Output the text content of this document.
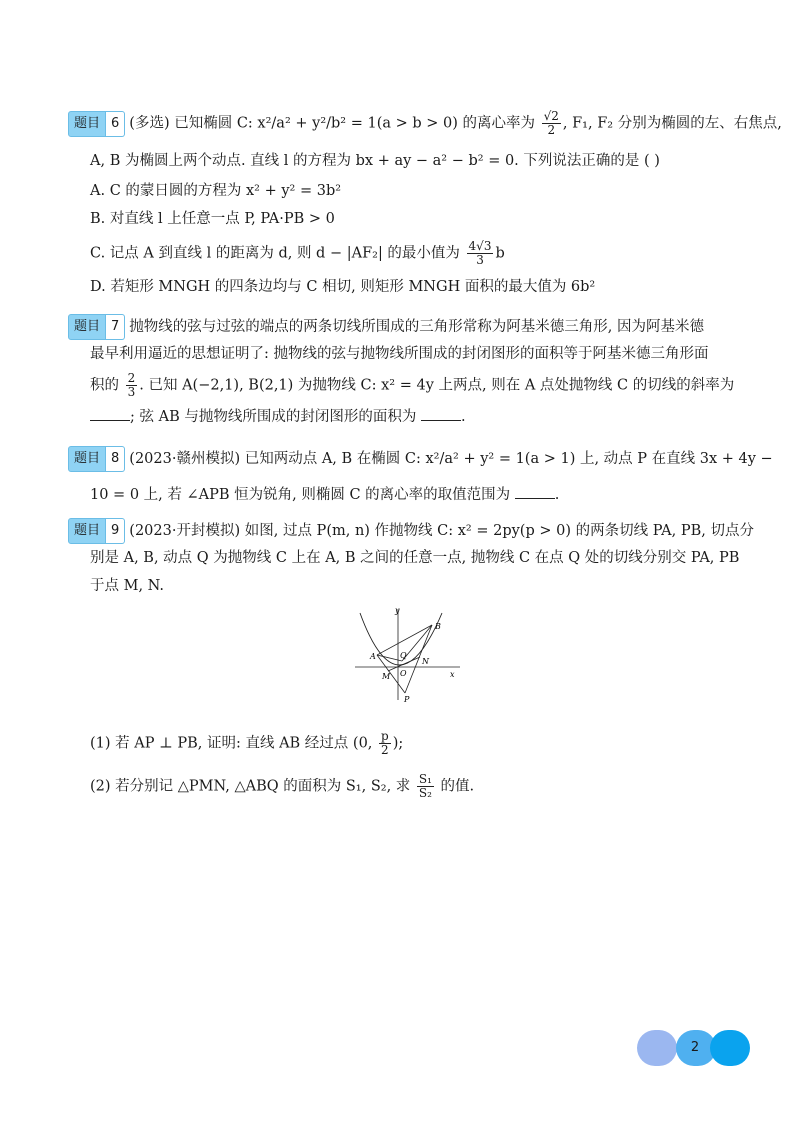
题目 6 (多选) 已知椭圆 C: x²/a² + y²/b² = 1(a > b > 0) 的离心率为 $\frac{√2}{2}$ , F₁, F₂ 分别为椭圆的左、右焦点,
A, B 为椭圆上两个动点. 直线 l 的方程为 bx + ay − a² − b² = 0. 下列说法正确的是 ( )
A. C 的蒙日圆的方程为 x² + y² = 3b²
B. 对直线 l 上任意一点 P, PA·PB > 0
C. 记点 A 到直线 l 的距离为 d, 则 d − |AF₂| 的最小值为 $\frac{4√3}{3}$ b
D. 若矩形 MNGH 的四条边均与 C 相切, 则矩形 MNGH 面积的最大值为 6b²
题目 7 抛物线的弦与过弦的端点的两条切线所围成的三角形常称为阿基米德三角形, 因为阿基米德
最早利用逼近的思想证明了: 抛物线的弦与抛物线所围成的封闭图形的面积等于阿基米德三角形面
积的 $\frac{2}{3}$ . 已知 A(−2,1), B(2,1) 为抛物线 C: x² = 4y 上两点, 则在 A 点处抛物线 C 的切线的斜率为
; 弦 AB 与抛物线所围成的封闭图形的面积为	.
题目 8 (2023·赣州模拟) 已知两动点 A, B 在椭圆 C: x²/a² + y² = 1(a > 1) 上, 动点 P 在直线 3x + 4y −
10 = 0 上, 若 ∠APB 恒为锐角, 则椭圆 C 的离心率的取值范围为	.
题目 9 (2023·开封模拟) 如图, 过点 P(m, n) 作抛物线 C: x² = 2py(p > 0) 的两条切线 PA, PB, 切点分
别是 A, B, 动点 Q 为抛物线 C 上在 A, B 之间的任意一点, 抛物线 C 在点 Q 处的切线分别交 PA, PB
于点 M, N.
y
x
A
B
Q
N
O
M
P
(1) 若 AP ⊥ PB, 证明: 直线 AB 经过点 (0, $\frac{p}{2}$ );
(2) 若分别记 △PMN, △ABQ 的面积为 S₁, S₂, 求 $\frac{\text{S₁}}{\text{S₂}}$ 的值.
2
